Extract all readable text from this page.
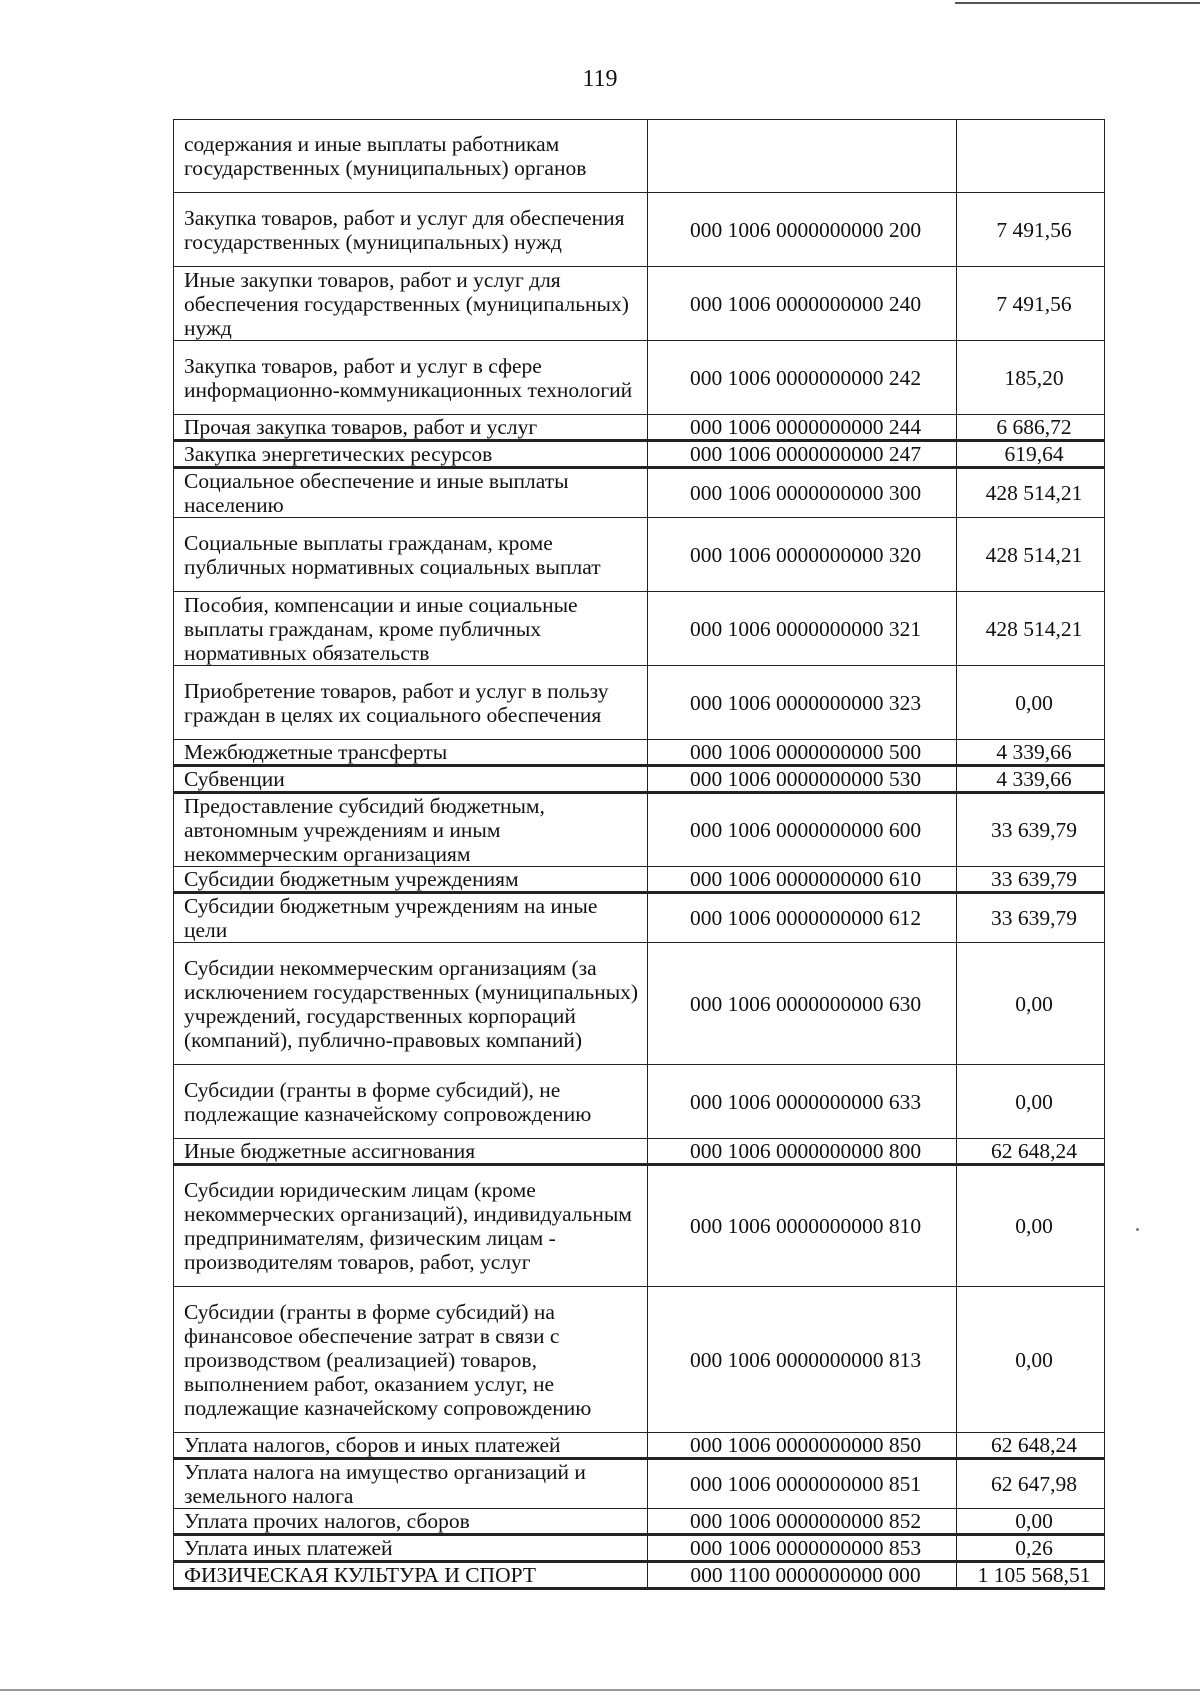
119
содержания и иные выплаты работникам государственных (муниципальных) органов		
Закупка товаров, работ и услуг для обеспечения государственных (муниципальных) нужд	000 1006 0000000000 200	7 491,56
Иные закупки товаров, работ и услуг для обеспечения государственных (муниципальных) нужд	000 1006 0000000000 240	7 491,56
Закупка товаров, работ и услуг в сфере информационно-коммуникационных технологий	000 1006 0000000000 242	185,20
Прочая закупка товаров, работ и услуг	000 1006 0000000000 244	6 686,72
Закупка энергетических ресурсов	000 1006 0000000000 247	619,64
Социальное обеспечение и иные выплаты населению	000 1006 0000000000 300	428 514,21
Социальные выплаты гражданам, кроме публичных нормативных социальных выплат	000 1006 0000000000 320	428 514,21
Пособия, компенсации и иные социальные выплаты гражданам, кроме публичных нормативных обязательств	000 1006 0000000000 321	428 514,21
Приобретение товаров, работ и услуг в пользу граждан в целях их социального обеспечения	000 1006 0000000000 323	0,00
Межбюджетные трансферты	000 1006 0000000000 500	4 339,66
Субвенции	000 1006 0000000000 530	4 339,66
Предоставление субсидий бюджетным, автономным учреждениям и иным некоммерческим организациям	000 1006 0000000000 600	33 639,79
Субсидии бюджетным учреждениям	000 1006 0000000000 610	33 639,79
Субсидии бюджетным учреждениям на иные цели	000 1006 0000000000 612	33 639,79
Субсидии некоммерческим организациям (за исключением государственных (муниципальных) учреждений, государственных корпораций (компаний), публично-правовых компаний)	000 1006 0000000000 630	0,00
Субсидии (гранты в форме субсидий), не подлежащие казначейскому сопровождению	000 1006 0000000000 633	0,00
Иные бюджетные ассигнования	000 1006 0000000000 800	62 648,24
Субсидии юридическим лицам (кроме некоммерческих организаций), индивидуальным предпринимателям, физическим лицам - производителям товаров, работ, услуг	000 1006 0000000000 810	0,00
Субсидии (гранты в форме субсидий) на финансовое обеспечение затрат в связи с производством (реализацией) товаров, выполнением работ, оказанием услуг, не подлежащие казначейскому сопровождению	000 1006 0000000000 813	0,00
Уплата налогов, сборов и иных платежей	000 1006 0000000000 850	62 648,24
Уплата налога на имущество организаций и земельного налога	000 1006 0000000000 851	62 647,98
Уплата прочих налогов, сборов	000 1006 0000000000 852	0,00
Уплата иных платежей	000 1006 0000000000 853	0,26
ФИЗИЧЕСКАЯ КУЛЬТУРА И СПОРТ	000 1100 0000000000 000	1 105 568,51
